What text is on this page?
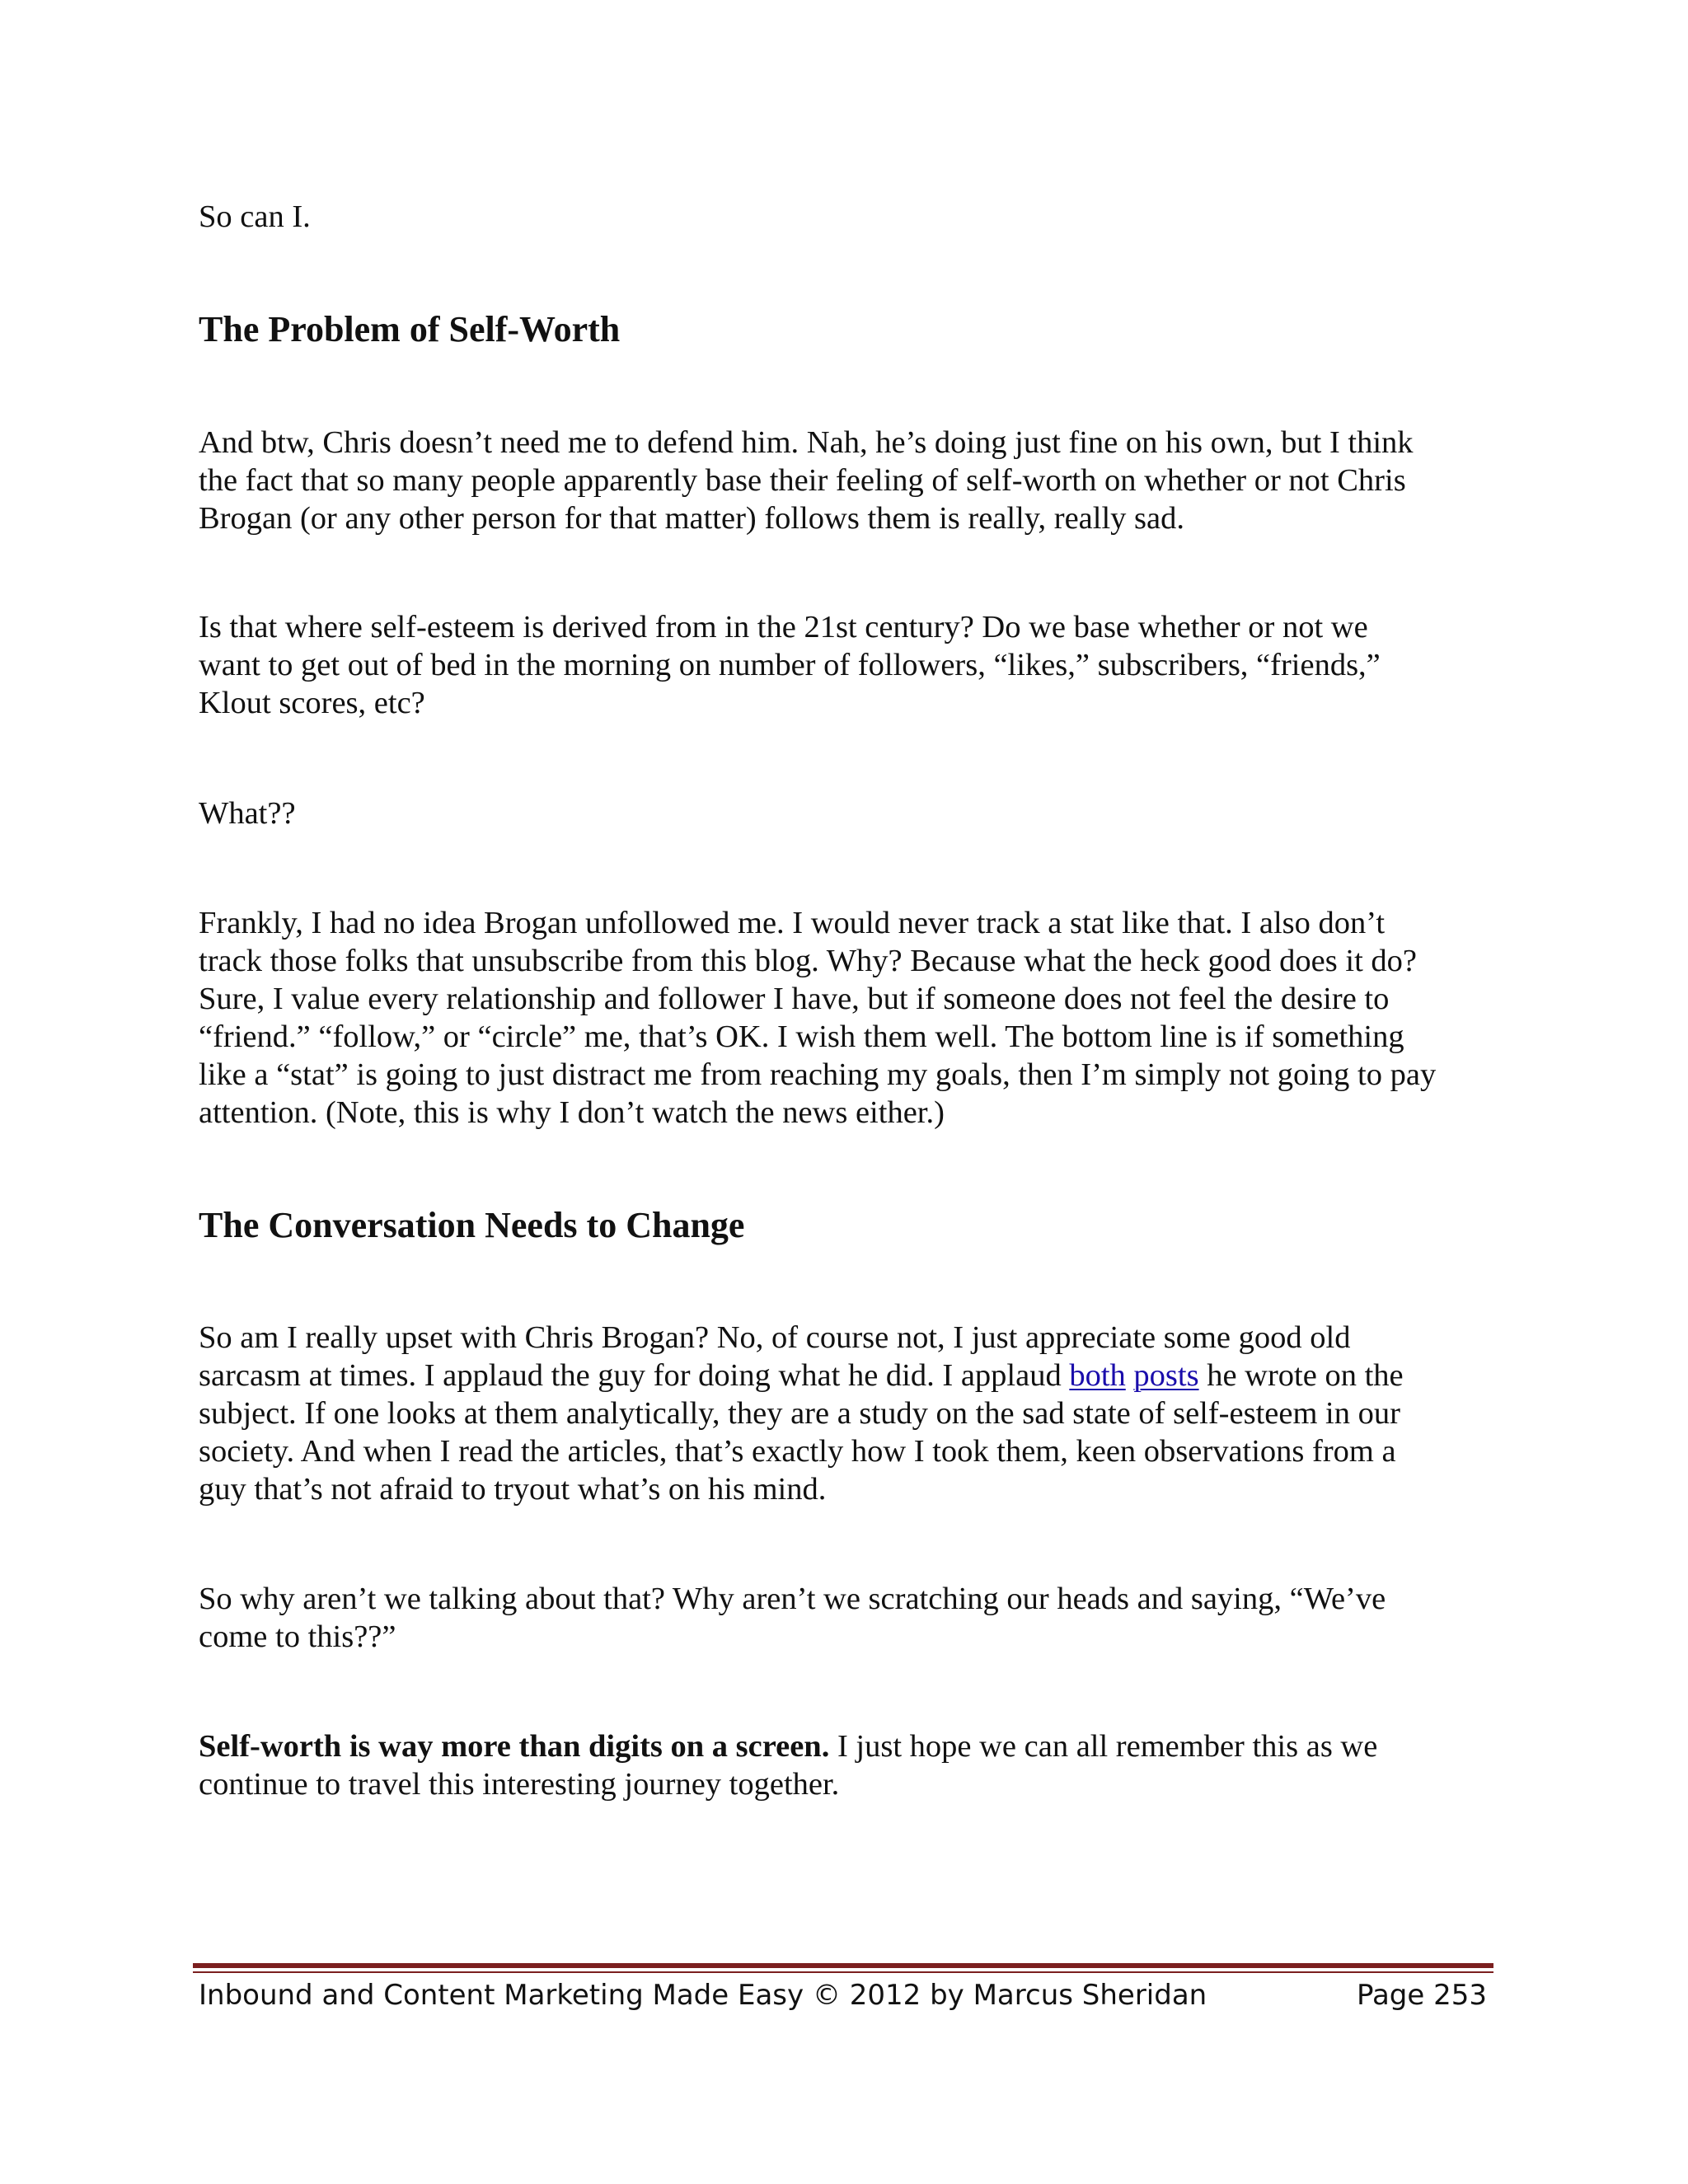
So can I.

The Problem of Self-Worth
And btw, Chris doesn’t need me to defend him. Nah, he’s doing just fine on his own, but I think
the fact that so many people apparently base their feeling of self-worth on whether or not Chris
Brogan (or any other person for that matter) follows them is really, really sad.
Is that where self-esteem is derived from in the 21st century? Do we base whether or not we
want to get out of bed in the morning on number of followers, “likes,” subscribers, “friends,”
Klout scores, etc?

What??

Frankly, I had no idea Brogan unfollowed me. I would never track a stat like that. I also don’t
track those folks that unsubscribe from this blog. Why? Because what the heck good does it do?
Sure, I value every relationship and follower I have, but if someone does not feel the desire to
“friend.” “follow,” or “circle” me, that’s OK. I wish them well. The bottom line is if something
like a “stat” is going to just distract me from reaching my goals, then I’m simply not going to pay
attention. (Note, this is why I don’t watch the news either.)
The Conversation Needs to Change
So am I really upset with Chris Brogan? No, of course not, I just appreciate some good old
sarcasm at times. I applaud the guy for doing what he did. I applaud both posts he wrote on the
subject. If one looks at them analytically, they are a study on the sad state of self-esteem in our
society. And when I read the articles, that’s exactly how I took them, keen observations from a
guy that’s not afraid to tryout what’s on his mind.
So why aren’t we talking about that? Why aren’t we scratching our heads and saying, “We’ve
come to this??”
Self-worth is way more than digits on a screen. I just hope we can all remember this as we
continue to travel this interesting journey together.
Inbound and Content Marketing Made Easy © 2012 by Marcus Sheridan	Page 253
